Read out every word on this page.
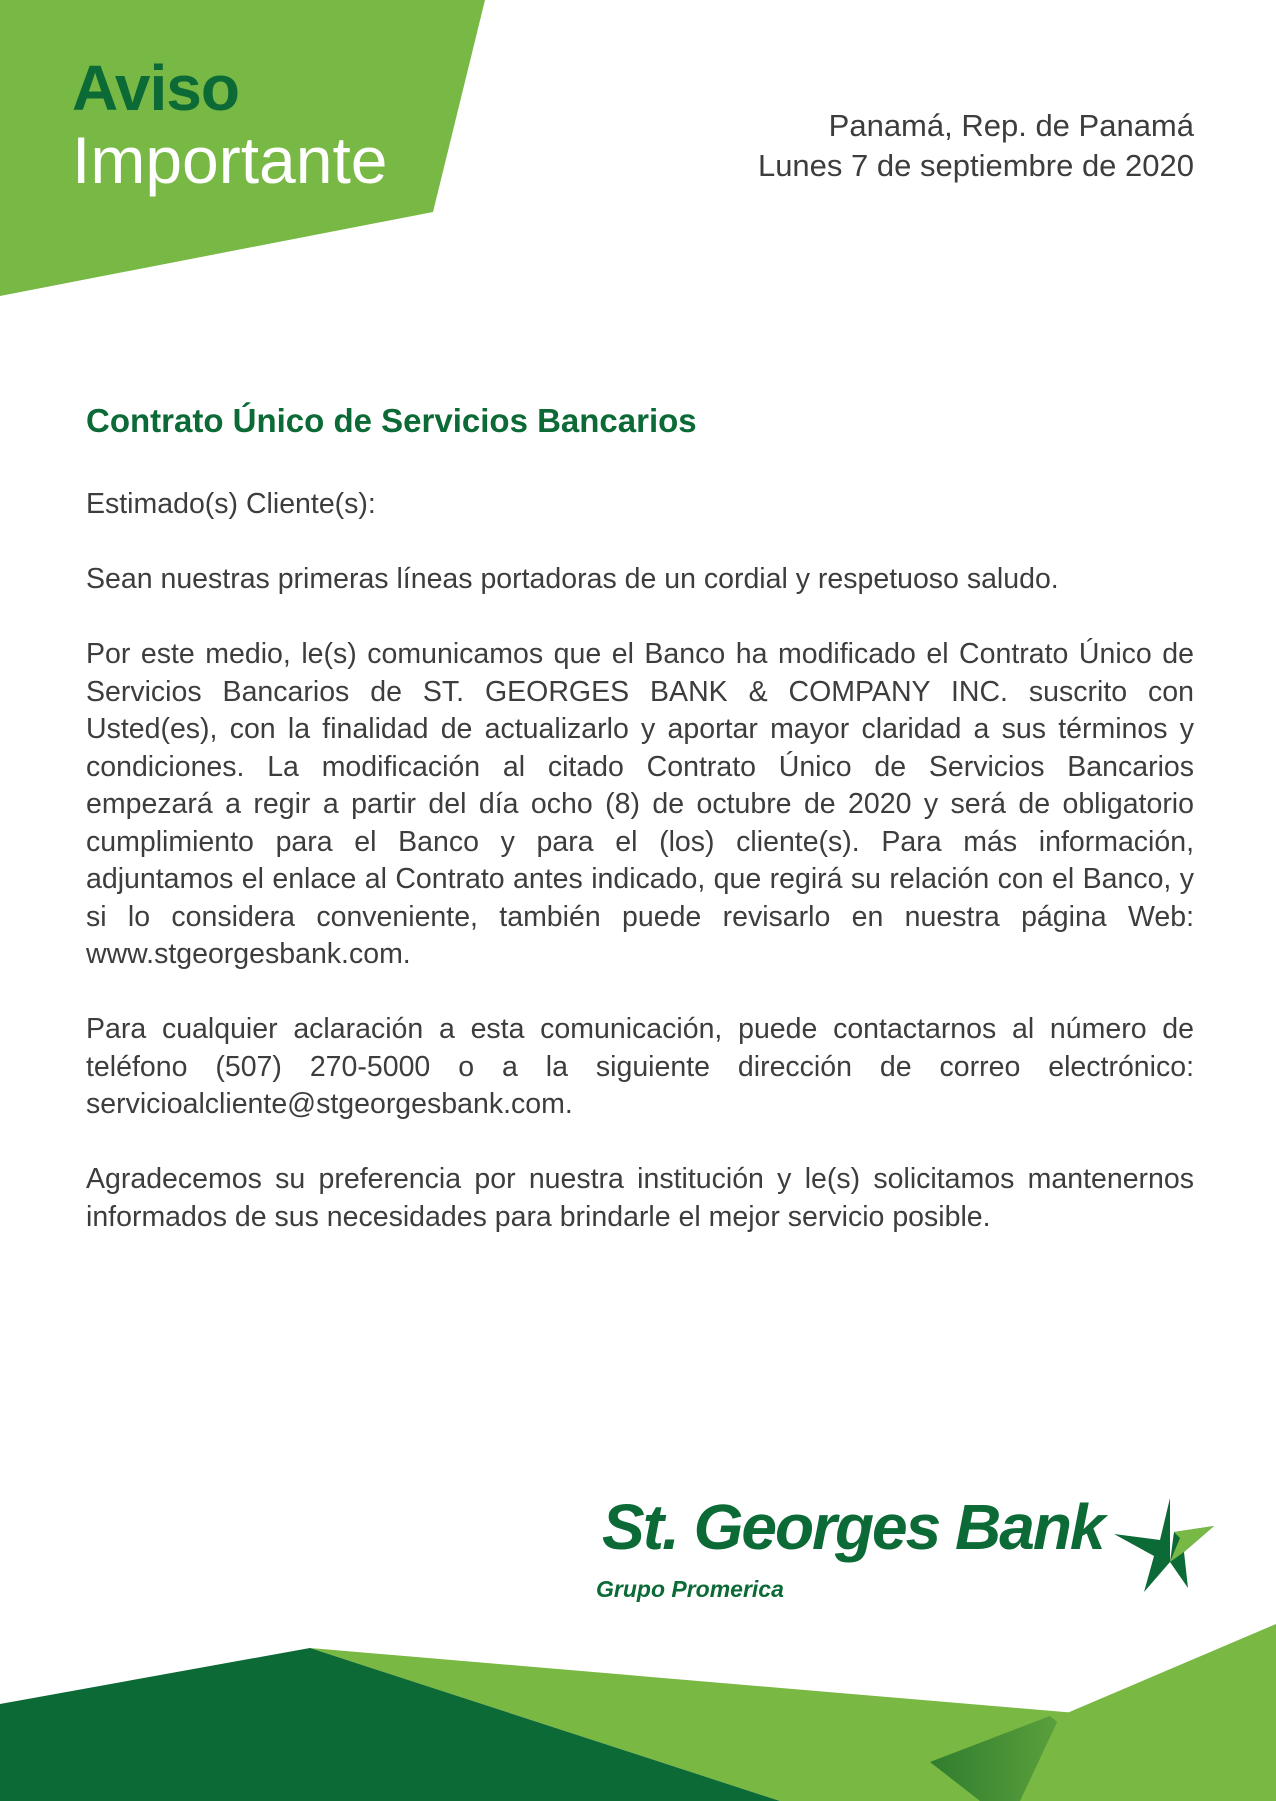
Aviso
Importante	Panamá, Rep. de Panamá
Lunes 7 de septiembre de 2020
Contrato Único de Servicios Bancarios

Estimado(s) Cliente(s):

Sean nuestras primeras líneas portadoras de un cordial y respetuoso saludo.

Por este medio, le(s) comunicamos que el Banco ha modificado el Contrato Único de Servicios Bancarios de ST. GEORGES BANK & COMPANY INC. suscrito con Usted(es), con la finalidad de actualizarlo y aportar mayor claridad a sus términos y condiciones. La modificación al citado Contrato Único de Servicios Bancarios empezará a regir a partir del día ocho (8) de octubre de 2020 y será de obligatorio cumplimiento para el Banco y para el (los) cliente(s). Para más información, adjuntamos el enlace al Contrato antes indicado, que regirá su relación con el Banco, y si lo considera conveniente, también puede revisarlo en nuestra página Web: www.stgeorgesbank.com.

Para cualquier aclaración a esta comunicación, puede contactarnos al número de teléfono (507) 270-5000 o a la siguiente dirección de correo electrónico: servicioalcliente@stgeorgesbank.com.

Agradecemos su preferencia por nuestra institución y le(s) solicitamos mantenernos informados de sus necesidades para brindarle el mejor servicio posible.

St. Georges Bank
Grupo Promerica
